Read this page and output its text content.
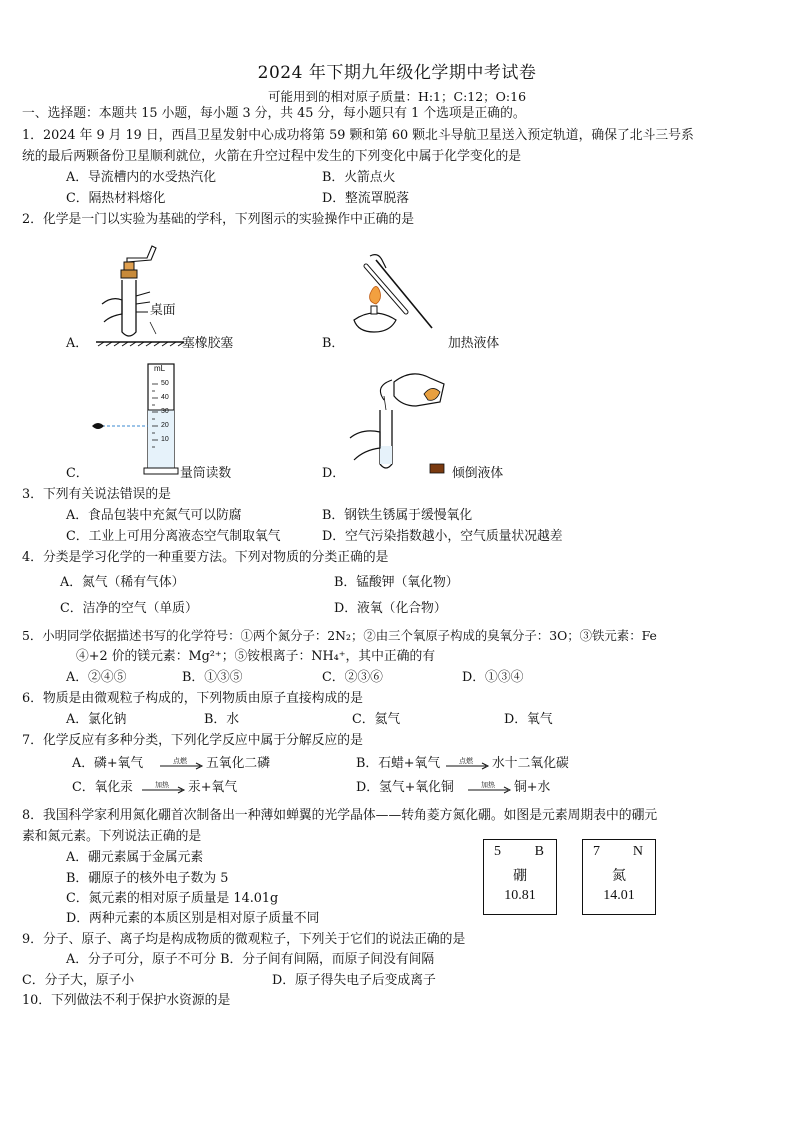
2024 年下期九年级化学期中考试卷
可能用到的相对原子质量：H:1；C:12；O:16
一、选择题：本题共 15 小题，每小题 3 分，共 45 分，每小题只有 1 个选项是正确的。
1．2024 年 9 月 19 日，西昌卫星发射中心成功将第 59 颗和第 60 颗北斗导航卫星送入预定轨道，确保了北斗三号系
统的最后两颗备份卫星顺利就位，火箭在升空过程中发生的下列变化中属于化学变化的是
A．导流槽内的水受热汽化	B．火箭点火
C．隔热材料熔化	D．整流罩脱落
2．化学是一门以实验为基础的学科，下列图示的实验操作中正确的是
A．
桌面
塞橡胶塞	B．	加热液体
mL
50
40
30
20
10
C．	量筒读数	D．	倾倒液体
3．下列有关说法错误的是
A．食品包装中充氮气可以防腐	B．钢铁生锈属于缓慢氧化
C．工业上可用分离液态空气制取氧气	D．空气污染指数越小，空气质量状况越差
4．分类是学习化学的一种重要方法。下列对物质的分类正确的是
A．氮气（稀有气体）	B．锰酸钾（氧化物）
C．洁净的空气（单质）	D．液氧（化合物）
5．小明同学依据描述书写的化学符号：①两个氮分子：2N₂；②由三个氧原子构成的臭氧分子：3O；③铁元素：Fe
④+2 价的镁元素：Mg²⁺；⑤铵根离子：NH₄⁺，其中正确的有
A．②④⑤	B．①③⑤	C．②③⑥	D．①③④
6．物质是由微观粒子构成的，下列物质由原子直接构成的是
A．氯化钠	B．水	C．氦气	D．氧气
7．化学反应有多种分类，下列化学反应中属于分解反应的是
A．磷+氧气	点燃 五氧化二磷	B．石蜡+氧气	点燃 水十二氧化碳
C．氧化汞	加热 汞+氧气	D．氢气+氧化铜	加热 铜+水
8．我国科学家利用氮化硼首次制备出一种薄如蝉翼的光学晶体——转角菱方氮化硼。如图是元素周期表中的硼元
素和氮元素。下列说法正确的是
A．硼元素属于金属元素
B．硼原子的核外电子数为 5
C．氮元素的相对原子质量是 14.01g
D．两种元素的本质区别是相对原子质量不同
5 B
硼
10.81
7 N
氮
14.01
9．分子、原子、离子均是构成物质的微观粒子，下列关于它们的说法正确的是
A．分子可分，原子不可分 B．分子间有间隔，而原子间没有间隔
C．分子大，原子小	D．原子得失电子后变成离子
10．下列做法不利于保护水资源的是
